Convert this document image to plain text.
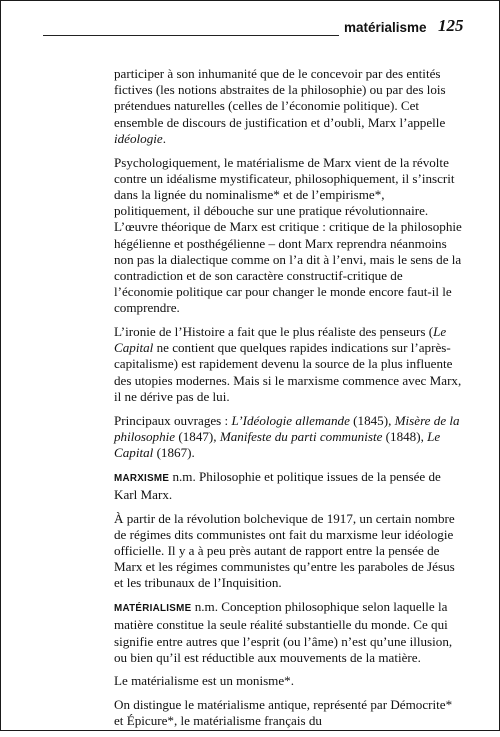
matérialisme 125

participer à son inhumanité que de le concevoir par des entités fictives (les notions abstraites de la philosophie) ou par des lois prétendues naturelles (celles de l’économie politique). Cet ensemble de discours de justification et d’oubli, Marx l’appelle idéologie.

Psychologiquement, le matérialisme de Marx vient de la révolte contre un idéalisme mystificateur, philosophiquement, il s’inscrit dans la lignée du nominalisme* et de l’empirisme*, politiquement, il débouche sur une pratique révolutionnaire. L’œuvre théorique de Marx est critique : critique de la philosophie hégélienne et posthégélienne – dont Marx reprendra néanmoins non pas la dialectique comme on l’a dit à l’envi, mais le sens de la contradiction et de son caractère constructif-critique de l’économie politique car pour changer le monde encore faut-il le comprendre.

L’ironie de l’Histoire a fait que le plus réaliste des penseurs (Le Capital ne contient que quelques rapides indications sur l’après-capitalisme) est rapidement devenu la source de la plus influente des utopies modernes. Mais si le marxisme commence avec Marx, il ne dérive pas de lui.

Principaux ouvrages : L’Idéologie allemande (1845), Misère de la philosophie (1847), Manifeste du parti communiste (1848), Le Capital (1867).

MARXISME n.m. Philosophie et politique issues de la pensée de Karl Marx.

À partir de la révolution bolchevique de 1917, un certain nombre de régimes dits communistes ont fait du marxisme leur idéologie officielle. Il y a à peu près autant de rapport entre la pensée de Marx et les régimes communistes qu’entre les paraboles de Jésus et les tribunaux de l’Inquisition.

MATÉRIALISME n.m. Conception philosophique selon laquelle la matière constitue la seule réalité substantielle du monde. Ce qui signifie entre autres que l’esprit (ou l’âme) n’est qu’une illusion, ou bien qu’il est réductible aux mouvements de la matière.

Le matérialisme est un monisme*.

On distingue le matérialisme antique, représenté par Démocrite* et Épicure*, le matérialisme français du
